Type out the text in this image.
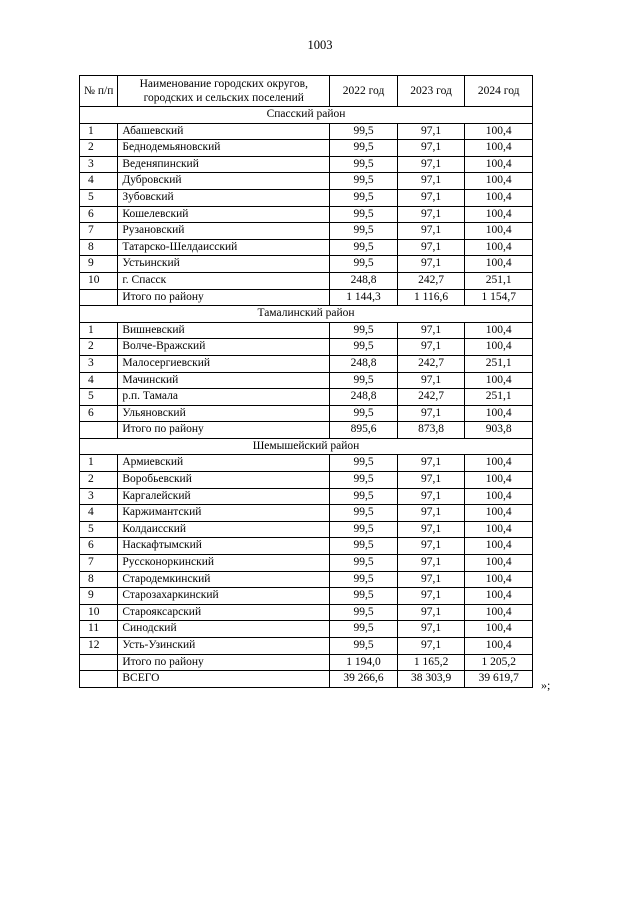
1003
№ п/п	Наименование городских округов, городских и сельских поселений	2022 год	2023 год	2024 год
Спасский район				
1	Абашевский	99,5	97,1	100,4
2	Беднодемьяновский	99,5	97,1	100,4
3	Веденяпинский	99,5	97,1	100,4
4	Дубровский	99,5	97,1	100,4
5	Зубовский	99,5	97,1	100,4
6	Кошелевский	99,5	97,1	100,4
7	Рузановский	99,5	97,1	100,4
8	Татарско-Шелдаисский	99,5	97,1	100,4
9	Устьинский	99,5	97,1	100,4
10	г. Спасск	248,8	242,7	251,1
	Итого по району	1 144,3	1 116,6	1 154,7
Тамалинский район				
1	Вишневский	99,5	97,1	100,4
2	Волче-Вражский	99,5	97,1	100,4
3	Малосергиевский	248,8	242,7	251,1
4	Мачинский	99,5	97,1	100,4
5	р.п. Тамала	248,8	242,7	251,1
6	Ульяновский	99,5	97,1	100,4
	Итого по району	895,6	873,8	903,8
Шемышейский район				
1	Армиевский	99,5	97,1	100,4
2	Воробьевский	99,5	97,1	100,4
3	Каргалейский	99,5	97,1	100,4
4	Каржимантский	99,5	97,1	100,4
5	Колдаисский	99,5	97,1	100,4
6	Наскафтымский	99,5	97,1	100,4
7	Руссконоркинский	99,5	97,1	100,4
8	Стародемкинский	99,5	97,1	100,4
9	Старозахаркинский	99,5	97,1	100,4
10	Старояксарский	99,5	97,1	100,4
11	Синодский	99,5	97,1	100,4
12	Усть-Узинский	99,5	97,1	100,4
	Итого по району	1 194,0	1 165,2	1 205,2
	ВСЕГО	39 266,6	38 303,9	39 619,7 »;
